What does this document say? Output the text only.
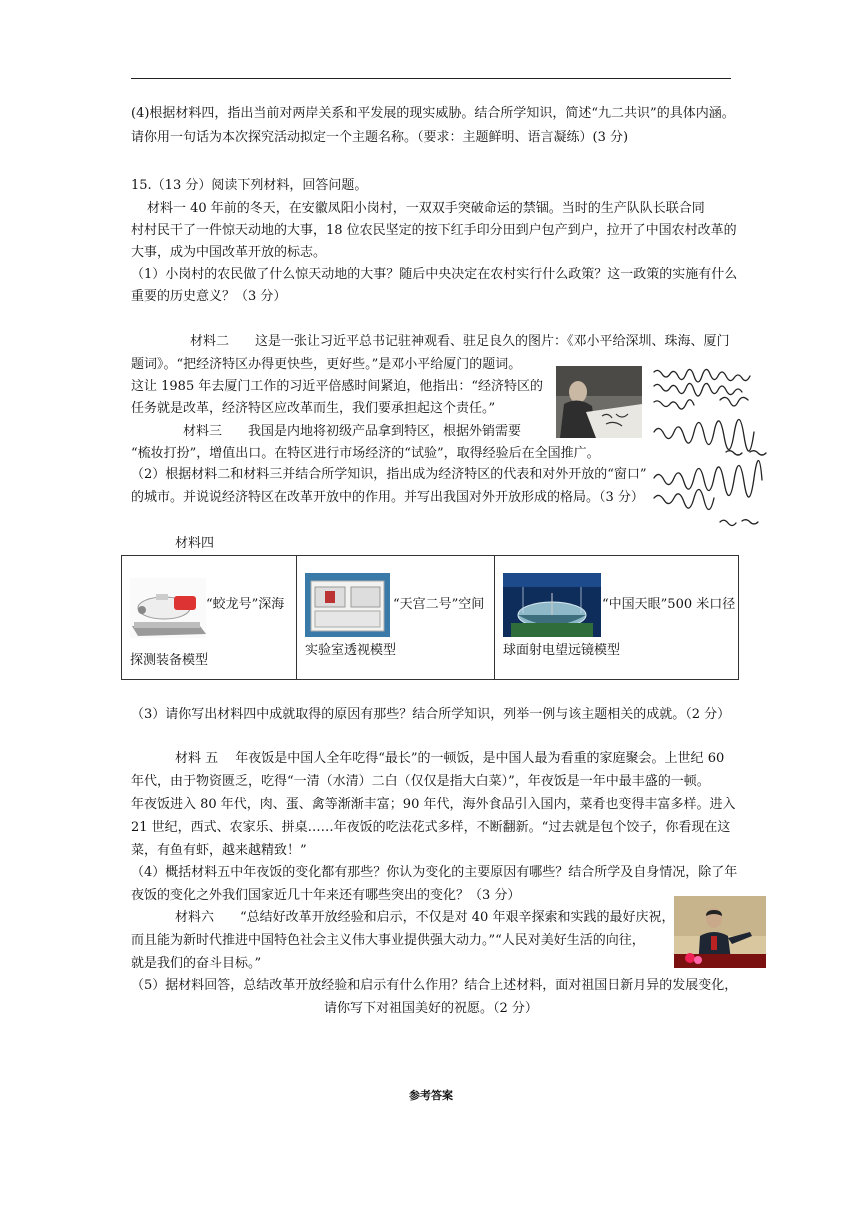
(4)根据材料四，指出当前对两岸关系和平发展的现实威胁。结合所学知识，简述“九二共识”的具体内涵。
请你用一句话为本次探究活动拟定一个主题名称。（要求：主题鲜明、语言凝练）(3 分)
15.（13 分）阅读下列材料，回答问题。
材料一 40 年前的冬天，在安徽凤阳小岗村，一双双手突破命运的禁锢。当时的生产队队长联合同
村村民干了一件惊天动地的大事，18 位农民坚定的按下红手印分田到户包产到户，拉开了中国农村改革的
大事，成为中国改革开放的标志。
（1）小岗村的农民做了什么惊天动地的大事？随后中央决定在农村实行什么政策？这一政策的实施有什么
重要的历史意义？（3 分）
材料二　　这是一张让习近平总书记驻神观看、驻足良久的图片：《邓小平给深圳、珠海、厦门
题词》。“把经济特区办得更快些，更好些。”是邓小平给厦门的题词。
这让 1985 年去厦门工作的习近平倍感时间紧迫，他指出：“经济特区的
任务就是改革，经济特区应改革而生，我们要承担起这个责任。”
材料三　　我国是内地将初级产品拿到特区，根据外销需要
“梳妆打扮”，增值出口。在特区进行市场经济的“试验”，取得经验后在全国推广。
（2）根据材料二和材料三并结合所学知识，指出成为经济特区的代表和对外开放的“窗口”
的城市。并说说经济特区在改革开放中的作用。并写出我国对外开放形成的格局。（3 分）
材料四
“蛟龙号”深海
探测装备模型

“天宫二号”空间
实验室透视模型

“中国天眼”500 米口径
球面射电望远镜模型
（3）请你写出材料四中成就取得的原因有那些？结合所学知识，列举一例与该主题相关的成就。（2 分）
材料 五　 年夜饭是中国人全年吃得“最长”的一顿饭，是中国人最为看重的家庭聚会。上世纪 60
年代，由于物资匮乏，吃得“一清（水清）二白（仅仅是指大白菜）”，年夜饭是一年中最丰盛的一顿。
年夜饭进入 80 年代，肉、蛋、禽等渐渐丰富；90 年代，海外食品引入国内，菜肴也变得丰富多样。进入
21 世纪，西式、农家乐、拼桌……年夜饭的吃法花式多样，不断翻新。“过去就是包个饺子，你看现在这
菜，有鱼有虾，越来越精致！”
（4）概括材料五中年夜饭的变化都有那些？你认为变化的主要原因有哪些？结合所学及自身情况，除了年
夜饭的变化之外我们国家近几十年来还有哪些突出的变化？（3 分）
材料六　　“总结好改革开放经验和启示，不仅是对 40 年艰辛探索和实践的最好庆祝，
而且能为新时代推进中国特色社会主义伟大事业提供强大动力。”“人民对美好生活的向往，
就是我们的奋斗目标。”
（5）据材料回答，总结改革开放经验和启示有什么作用？结合上述材料，面对祖国日新月异的发展变化，
请你写下对祖国美好的祝愿。（2 分）
参考答案
